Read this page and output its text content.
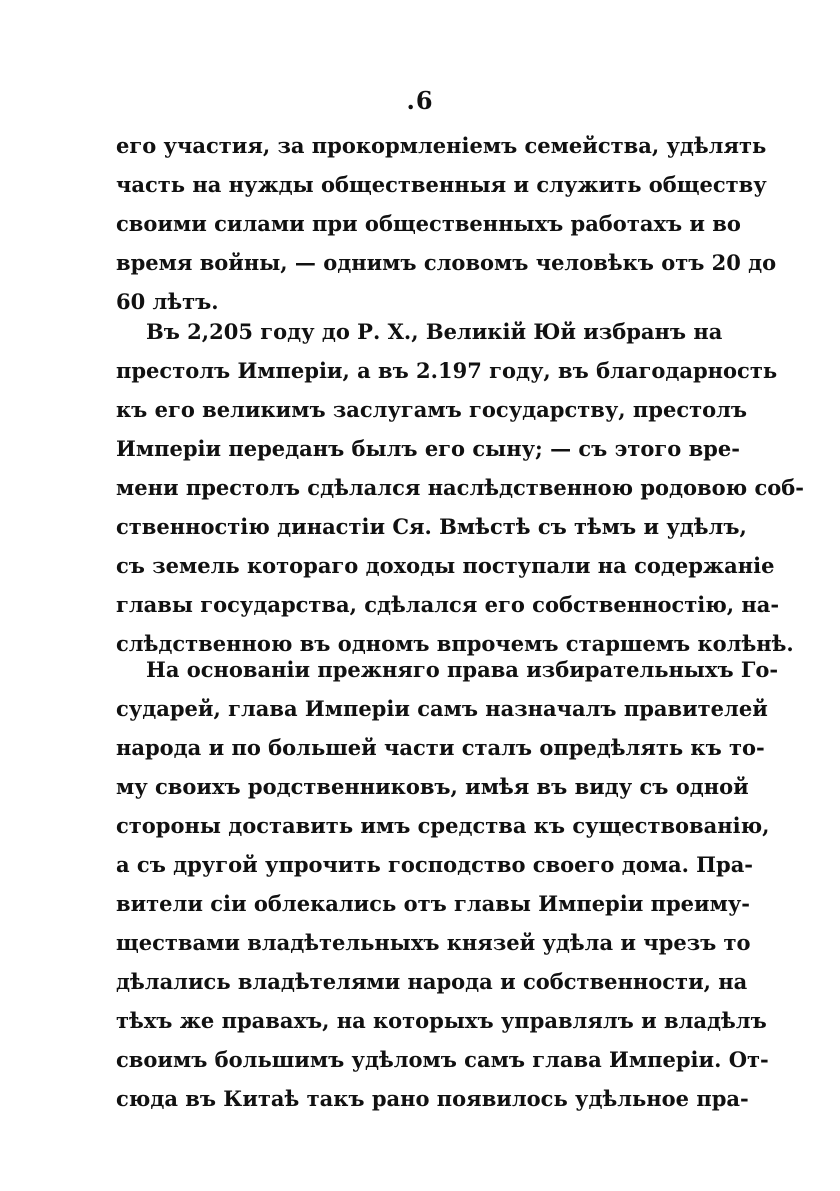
.6
его участия, за прокормленіемъ семейства, удѣлять
часть на нужды общественныя и служить обществу
своими силами при общественныхъ работахъ и во
время войны, — однимъ словомъ человѣкъ отъ 20 до
60 лѣтъ.
Въ 2,205 году до Р. Х., Великій Юй избранъ на
престолъ Имперіи, а въ 2.197 году, въ благодарность
къ его великимъ заслугамъ государству, престолъ
Имперіи переданъ былъ его сыну; — съ этого вре-
мени престолъ сдѣлался наслѣдственною родовою соб-
ственностію династіи Ся. Вмѣстѣ съ тѣмъ и удѣлъ,
съ земель котораго доходы поступали на содержаніе
главы государства, сдѣлался его собственностію, на-
слѣдственною въ одномъ впрочемъ старшемъ колѣнѣ.
На основаніи прежняго права избирательныхъ Го-
сударей, глава Имперіи самъ назначалъ правителей
народа и по большей части сталъ опредѣлять къ то-
му своихъ родственниковъ, имѣя въ виду съ одной
стороны доставить имъ средства къ существованію,
а съ другой упрочить господство своего дома. Пра-
вители сіи облекались отъ главы Имперіи преиму-
ществами владѣтельныхъ князей удѣла и чрезъ то
дѣлались владѣтелями народа и собственности, на
тѣхъ же правахъ, на которыхъ управлялъ и владѣлъ
своимъ большимъ удѣломъ самъ глава Имперіи. От-
сюда въ Китаѣ такъ рано появилось удѣльное пра-
